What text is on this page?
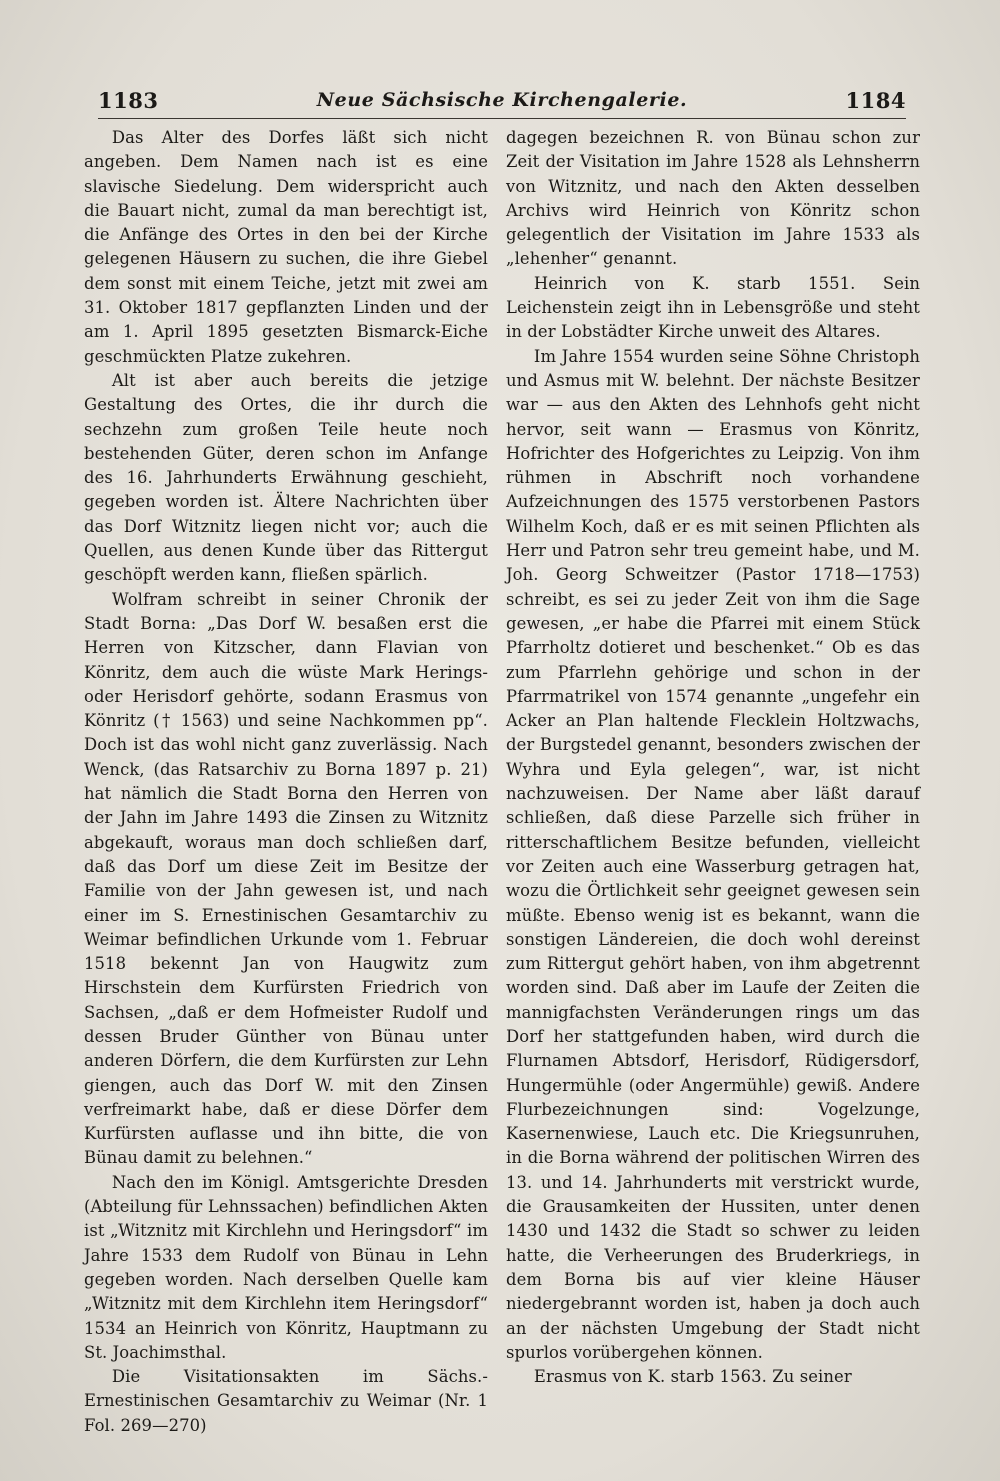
1183	Neue Sächsische Kirchengalerie.	1184

Das Alter des Dorfes läßt sich nicht angeben. Dem Namen nach ist es eine slavische Siedelung. Dem widerspricht auch die Bauart nicht, zumal da man berechtigt ist, die Anfänge des Ortes in den bei der Kirche gelegenen Häusern zu suchen, die ihre Giebel dem sonst mit einem Teiche, jetzt mit zwei am 31. Oktober 1817 gepflanzten Linden und der am 1. April 1895 gesetzten Bismarck-Eiche geschmückten Platze zukehren.

Alt ist aber auch bereits die jetzige Gestaltung des Ortes, die ihr durch die sechzehn zum großen Teile heute noch bestehenden Güter, deren schon im Anfange des 16. Jahrhunderts Erwähnung geschieht, gegeben worden ist. Ältere Nachrichten über das Dorf Witznitz liegen nicht vor; auch die Quellen, aus denen Kunde über das Rittergut geschöpft werden kann, fließen spärlich.

Wolfram schreibt in seiner Chronik der Stadt Borna: „Das Dorf W. besaßen erst die Herren von Kitzscher, dann Flavian von Könritz, dem auch die wüste Mark Herings- oder Herisdorf gehörte, sodann Erasmus von Könritz († 1563) und seine Nachkommen pp“. Doch ist das wohl nicht ganz zuverlässig. Nach Wenck, (das Ratsarchiv zu Borna 1897 p. 21) hat nämlich die Stadt Borna den Herren von der Jahn im Jahre 1493 die Zinsen zu Witznitz abgekauft, woraus man doch schließen darf, daß das Dorf um diese Zeit im Besitze der Familie von der Jahn gewesen ist, und nach einer im S. Ernestinischen Gesamtarchiv zu Weimar befindlichen Urkunde vom 1. Februar 1518 bekennt Jan von Haugwitz zum Hirschstein dem Kurfürsten Friedrich von Sachsen, „daß er dem Hofmeister Rudolf und dessen Bruder Günther von Bünau unter anderen Dörfern, die dem Kurfürsten zur Lehn giengen, auch das Dorf W. mit den Zinsen verfreimarkt habe, daß er diese Dörfer dem Kurfürsten auflasse und ihn bitte, die von Bünau damit zu belehnen.“

Nach den im Königl. Amtsgerichte Dresden (Abteilung für Lehnssachen) befindlichen Akten ist „Witznitz mit Kirchlehn und Heringsdorf“ im Jahre 1533 dem Rudolf von Bünau in Lehn gegeben worden. Nach derselben Quelle kam „Witznitz mit dem Kirchlehn item Heringsdorf“ 1534 an Heinrich von Könritz, Hauptmann zu St. Joachimsthal.

Die Visitationsakten im Sächs.-Ernestinischen Gesamtarchiv zu Weimar (Nr. 1 Fol. 269—270)

dagegen bezeichnen R. von Bünau schon zur Zeit der Visitation im Jahre 1528 als Lehnsherrn von Witznitz, und nach den Akten desselben Archivs wird Heinrich von Könritz schon gelegentlich der Visitation im Jahre 1533 als „lehenher“ genannt.

Heinrich von K. starb 1551. Sein Leichenstein zeigt ihn in Lebensgröße und steht in der Lobstädter Kirche unweit des Altares.

Im Jahre 1554 wurden seine Söhne Christoph und Asmus mit W. belehnt. Der nächste Besitzer war — aus den Akten des Lehnhofs geht nicht hervor, seit wann — Erasmus von Könritz, Hofrichter des Hofgerichtes zu Leipzig. Von ihm rühmen in Abschrift noch vorhandene Aufzeichnungen des 1575 verstorbenen Pastors Wilhelm Koch, daß er es mit seinen Pflichten als Herr und Patron sehr treu gemeint habe, und M. Joh. Georg Schweitzer (Pastor 1718—1753) schreibt, es sei zu jeder Zeit von ihm die Sage gewesen, „er habe die Pfarrei mit einem Stück Pfarrholtz dotieret und beschenket.“ Ob es das zum Pfarrlehn gehörige und schon in der Pfarrmatrikel von 1574 genannte „ungefehr ein Acker an Plan haltende Flecklein Holtzwachs, der Burgstedel genannt, besonders zwischen der Wyhra und Eyla gelegen“, war, ist nicht nachzuweisen. Der Name aber läßt darauf schließen, daß diese Parzelle sich früher in ritterschaftlichem Besitze befunden, vielleicht vor Zeiten auch eine Wasserburg getragen hat, wozu die Örtlichkeit sehr geeignet gewesen sein müßte. Ebenso wenig ist es bekannt, wann die sonstigen Ländereien, die doch wohl dereinst zum Rittergut gehört haben, von ihm abgetrennt worden sind. Daß aber im Laufe der Zeiten die mannigfachsten Veränderungen rings um das Dorf her stattgefunden haben, wird durch die Flurnamen Abtsdorf, Herisdorf, Rüdigersdorf, Hungermühle (oder Angermühle) gewiß. Andere Flurbezeichnungen sind: Vogelzunge, Kasernenwiese, Lauch etc. Die Kriegsunruhen, in die Borna während der politischen Wirren des 13. und 14. Jahrhunderts mit verstrickt wurde, die Grausamkeiten der Hussiten, unter denen 1430 und 1432 die Stadt so schwer zu leiden hatte, die Verheerungen des Bruderkriegs, in dem Borna bis auf vier kleine Häuser niedergebrannt worden ist, haben ja doch auch an der nächsten Umgebung der Stadt nicht spurlos vorübergehen können.

Erasmus von K. starb 1563. Zu seiner
